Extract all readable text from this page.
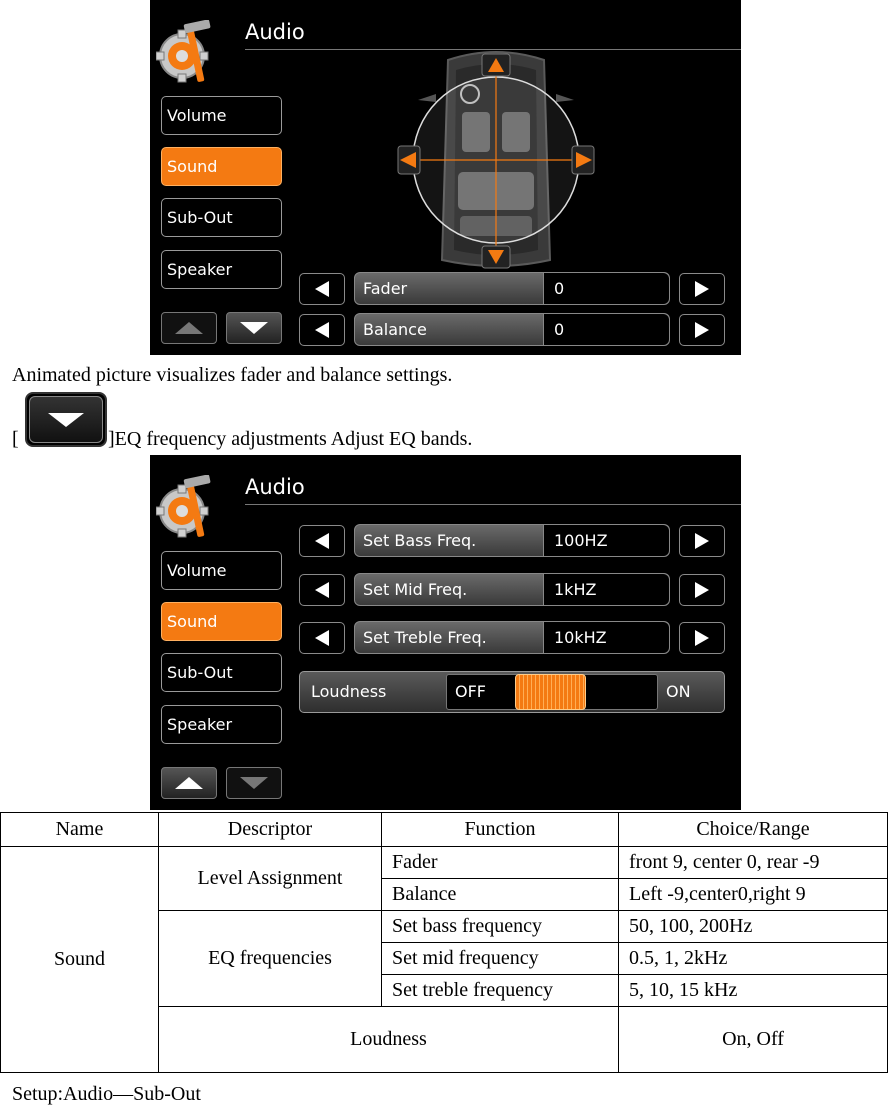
Audio
Volume
Sound
Sub-Out
Speaker
Fader	0
Balance	0
Animated picture visualizes fader and balance settings.
[	]EQ frequency adjustments Adjust EQ bands.
Audio
Volume
Sound
Sub-Out
Speaker
Set Bass Freq.	100HZ
Set Mid Freq.	1kHZ
Set Treble Freq.	10kHZ
Loudness	OFF	ON
Name	Descriptor	Function	Choice/Range
Sound	Level Assignment	Fader	front 9, center 0, rear -9
		Balance	Left -9,center0,right 9
	EQ frequencies	Set bass frequency	50, 100, 200Hz
		Set mid frequency	0.5, 1, 2kHz
		Set treble frequency	5, 10, 15 kHz
	Loudness		On, Off
Setup:Audio—Sub-Out
